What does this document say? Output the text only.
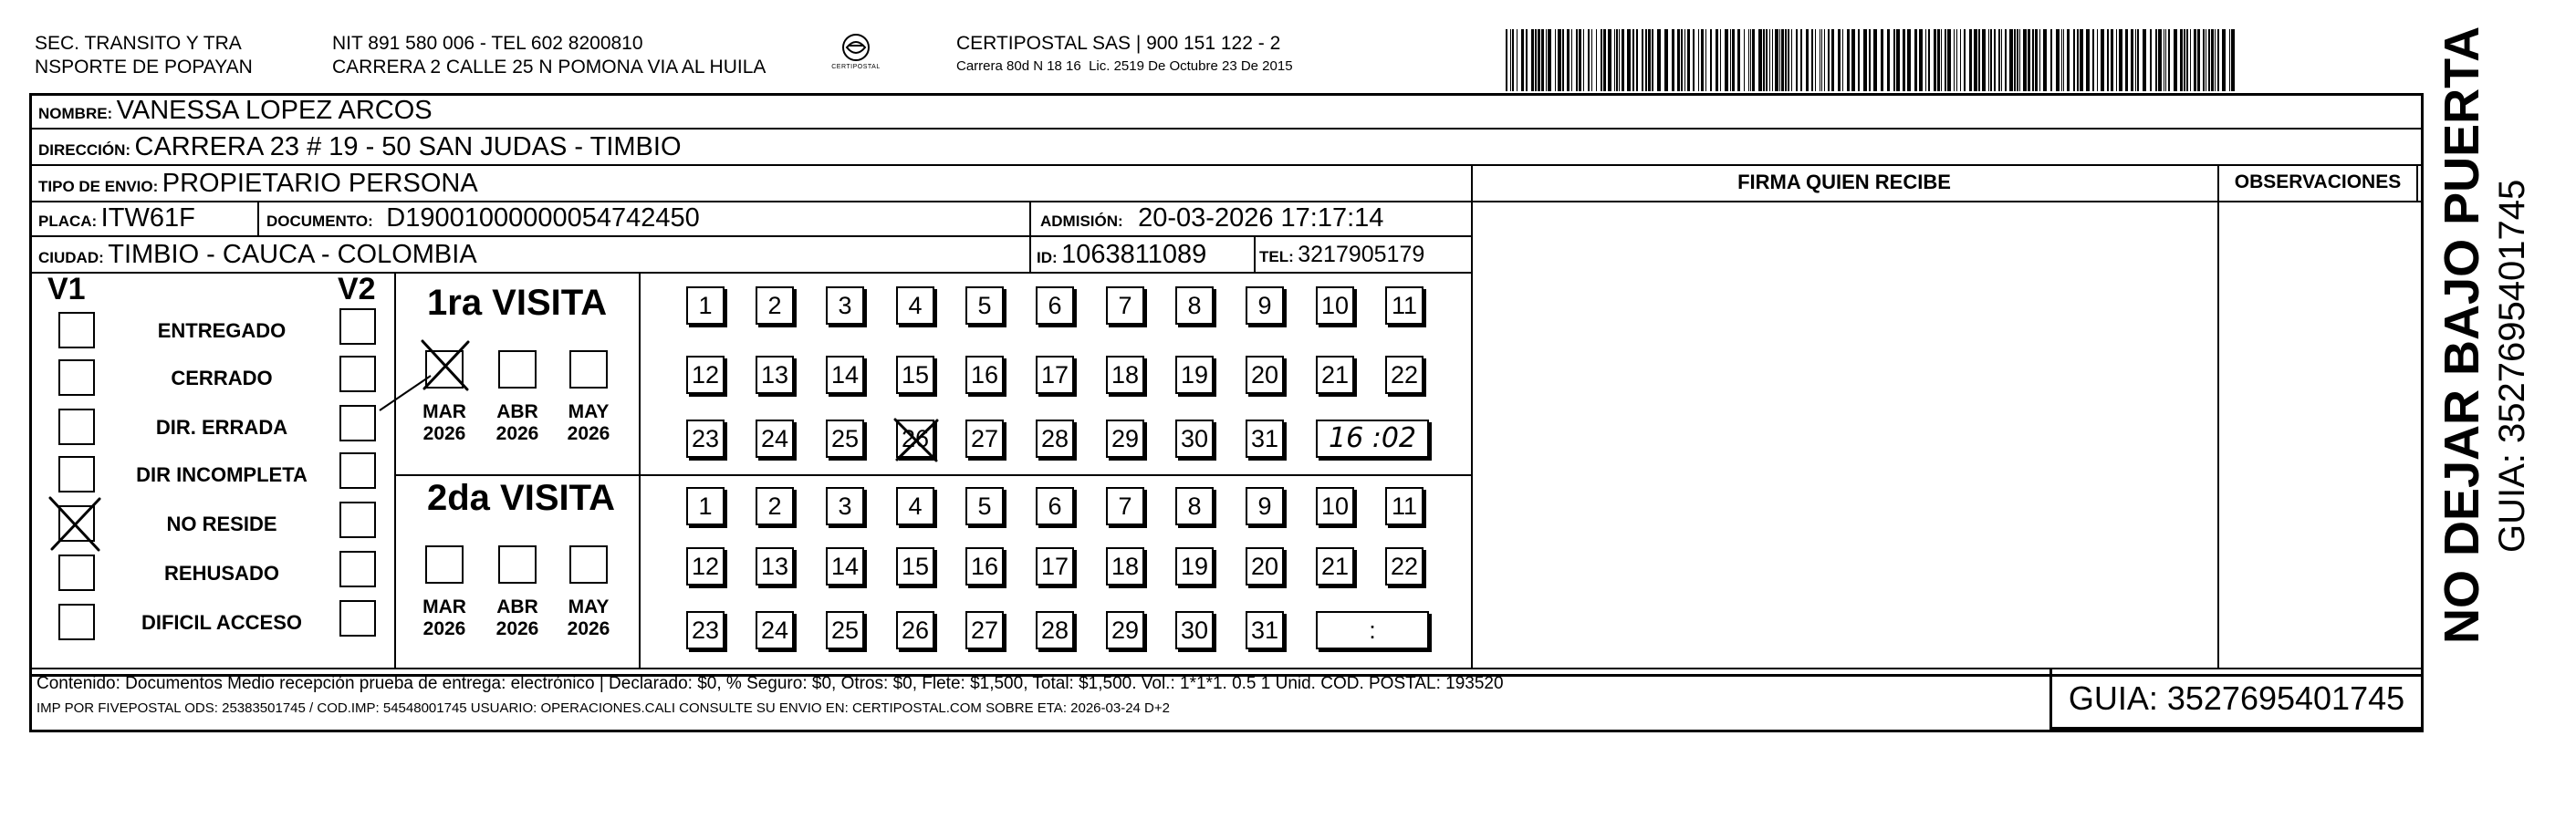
SEC. TRANSITO Y TRA
NSPORTE DE POPAYAN
NIT 891 580 006 - TEL 602 8200810
CARRERA 2 CALLE 25 N POMONA VIA AL HUILA	CERTIPOSTAL
CERTIPOSTAL SAS | 900 151 122 - 2
Carrera 80d N 18 16  Lic. 2519 De Octubre 23 De 2015
NOMBRE: VANESSA LOPEZ ARCOS
DIRECCIÓN: CARRERA 23 # 19 - 50 SAN JUDAS - TIMBIO
TIPO DE ENVIO: PROPIETARIO PERSONA
PLACA: ITW61F	DOCUMENTO: D19001000000054742450	ADMISIÓN: 20-03-2026 17:17:14
CIUDAD: TIMBIO - CAUCA - COLOMBIA	ID: 1063811089	TEL: 3217905179
FIRMA QUIEN RECIBE	OBSERVACIONES
V1	V2
ENTREGADO
CERRADO
DIR. ERRADA
DIR INCOMPLETA
NO RESIDE
REHUSADO
DIFICIL ACCESO
1ra VISITA
2da VISITA
MAR
2026
ABR
2026
MAY
2026
1	2	3	4	5	6	7	8	9	10 11
12 13 14 15 16 17 18 19 20 21 22
23 24 25 26 27 28 29 30 31	16 :02
MAR
2026
ABR
2026
MAY
2026
1	2	3	4	5	6	7	8	9	10 11
12 13 14 15 16 17 18 19 20 21 22
23 24 25 26 27 28 29 30 31	:
Contenido: Documentos Medio recepción prueba de entrega: electrónico | Declarado: $0, % Seguro: $0, Otros: $0, Flete: $1,500, Total: $1,500. Vol.: 1*1*1. 0.5 1 Unid. COD. POSTAL: 193520
IMP POR FIVEPOSTAL ODS: 25383501745 / COD.IMP: 54548001745 USUARIO: OPERACIONES.CALI CONSULTE SU ENVIO EN: CERTIPOSTAL.COM SOBRE ETA: 2026-03-24 D+2	GUIA: 3527695401745
NO DEJAR BAJO PUERTA GUIA: 3527695401745
